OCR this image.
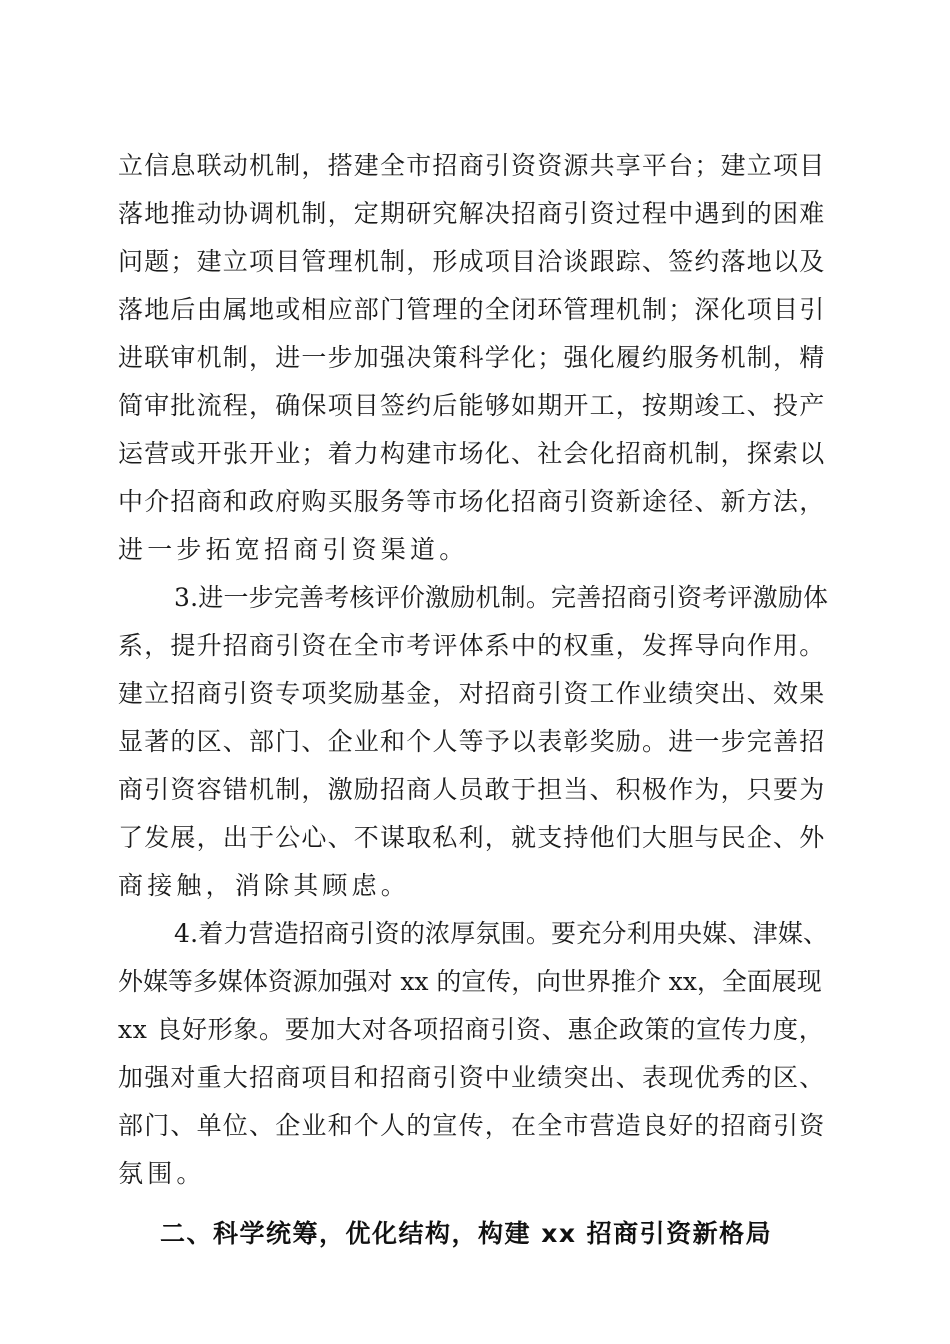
立信息联动机制，搭建全市招商引资资源共享平台；建立项目
落地推动协调机制，定期研究解决招商引资过程中遇到的困难
问题；建立项目管理机制，形成项目洽谈跟踪、签约落地以及
落地后由属地或相应部门管理的全闭环管理机制；深化项目引
进联审机制，进一步加强决策科学化；强化履约服务机制，精
简审批流程，确保项目签约后能够如期开工，按期竣工、投产
运营或开张开业；着力构建市场化、社会化招商机制，探索以
中介招商和政府购买服务等市场化招商引资新途径、新方法，
进一步拓宽招商引资渠道。
3.进一步完善考核评价激励机制。完善招商引资考评激励体
系，提升招商引资在全市考评体系中的权重，发挥导向作用。
建立招商引资专项奖励基金，对招商引资工作业绩突出、效果
显著的区、部门、企业和个人等予以表彰奖励。进一步完善招
商引资容错机制，激励招商人员敢于担当、积极作为，只要为
了发展，出于公心、不谋取私利，就支持他们大胆与民企、外
商接触，消除其顾虑。
4.着力营造招商引资的浓厚氛围。要充分利用央媒、津媒、
外媒等多媒体资源加强对 xx 的宣传，向世界推介 xx，全面展现
xx 良好形象。要加大对各项招商引资、惠企政策的宣传力度，
加强对重大招商项目和招商引资中业绩突出、表现优秀的区、
部门、单位、企业和个人的宣传，在全市营造良好的招商引资
氛围。
二、科学统筹，优化结构，构建 xx 招商引资新格局
